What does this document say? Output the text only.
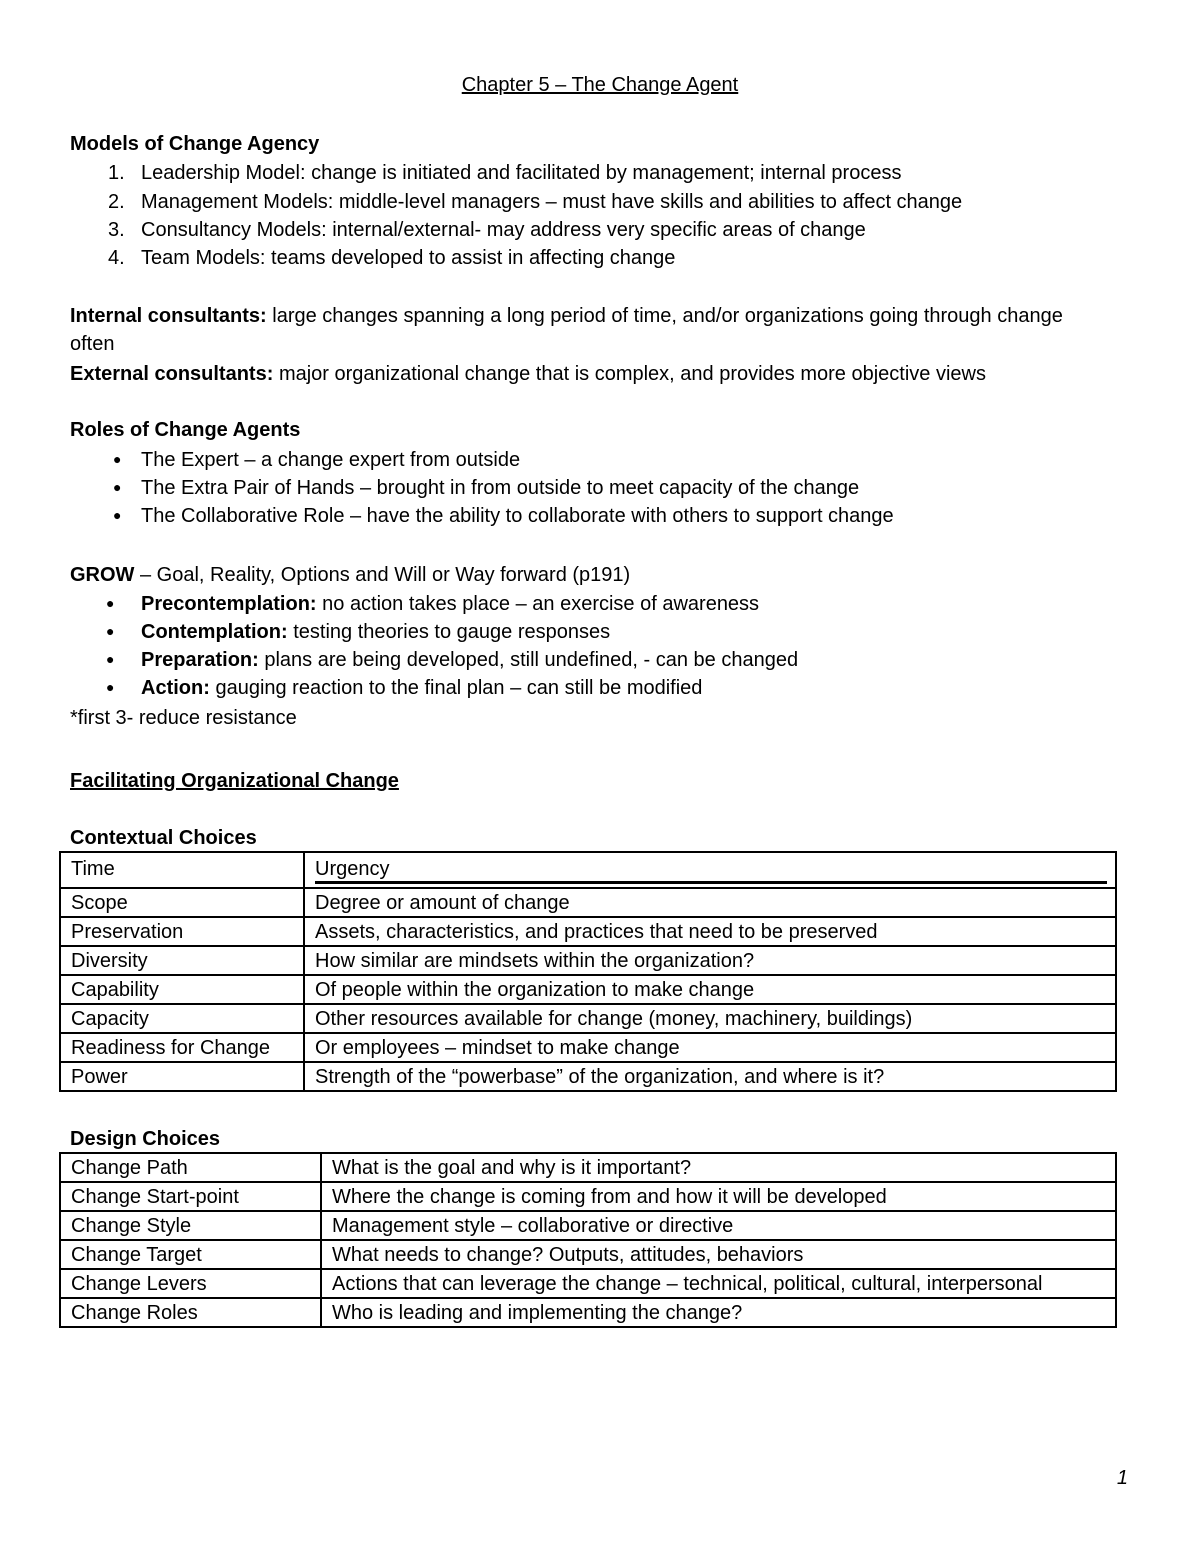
Chapter 5 – The Change Agent
Models of Change Agency
1. Leadership Model: change is initiated and facilitated by management; internal process
2. Management Models: middle-level managers – must have skills and abilities to affect change
3. Consultancy Models: internal/external- may address very specific areas of change
4. Team Models: teams developed to assist in affecting change
Internal consultants: large changes spanning a long period of time, and/or organizations going through change
often
External consultants: major organizational change that is complex, and provides more objective views
Roles of Change Agents
● The Expert – a change expert from outside
● The Extra Pair of Hands – brought in from outside to meet capacity of the change
● The Collaborative Role – have the ability to collaborate with others to support change
GROW – Goal, Reality, Options and Will or Way forward (p191)
● Precontemplation: no action takes place – an exercise of awareness
● Contemplation: testing theories to gauge responses
● Preparation: plans are being developed, still undefined, - can be changed
● Action: gauging reaction to the final plan – can still be modified
*first 3- reduce resistance
Facilitating Organizational Change
Contextual Choices
Time	Urgency

Scope	Degree or amount of change
Preservation	Assets, characteristics, and practices that need to be preserved
Diversity	How similar are mindsets within the organization?
Capability	Of people within the organization to make change
Capacity	Other resources available for change (money, machinery, buildings)
Readiness for Change	Or employees – mindset to make change
Power	Strength of the “powerbase” of the organization, and where is it?
Design Choices
Change Path	What is the goal and why is it important?
Change Start-point	Where the change is coming from and how it will be developed
Change Style	Management style – collaborative or directive
Change Target	What needs to change? Outputs, attitudes, behaviors
Change Levers	Actions that can leverage the change – technical, political, cultural, interpersonal
Change Roles	Who is leading and implementing the change?
1
